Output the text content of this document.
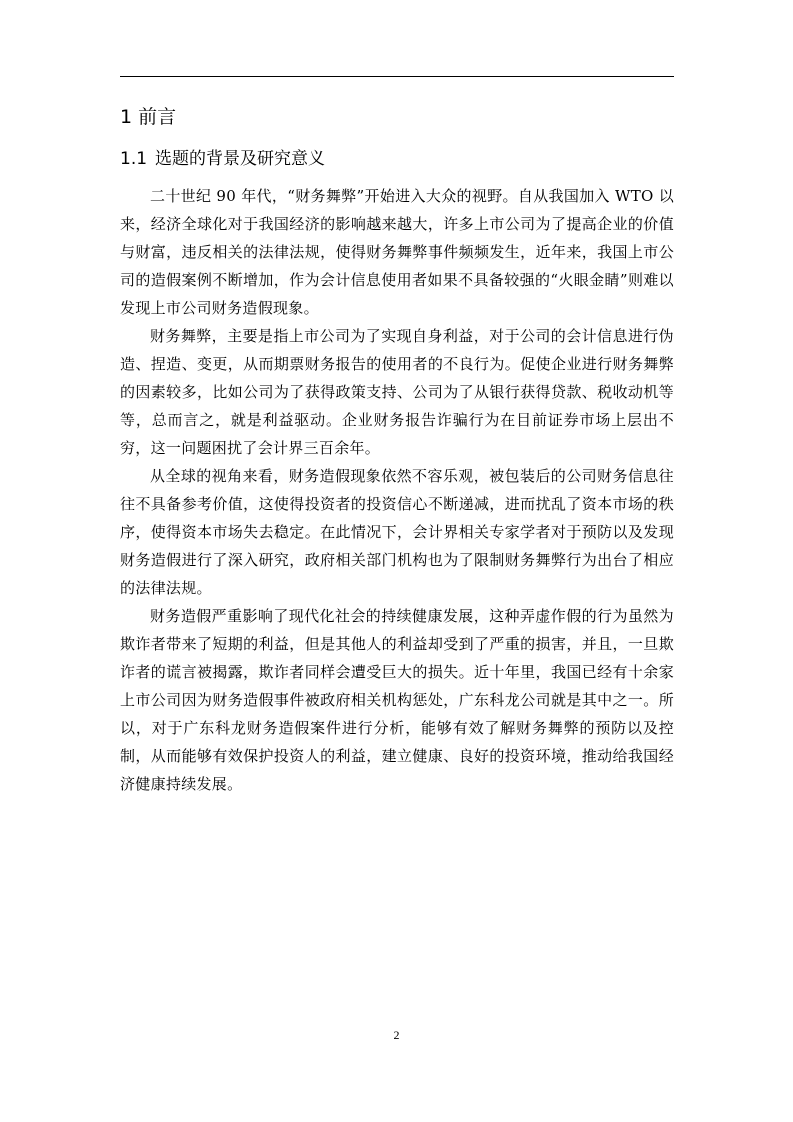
1 前言
1.1 选题的背景及研究意义

二十世纪 90 年代，“财务舞弊”开始进入大众的视野。自从我国加入 WTO 以来，经济全球化对于我国经济的影响越来越大，许多上市公司为了提高企业的价值与财富，违反相关的法律法规，使得财务舞弊事件频频发生，近年来，我国上市公司的造假案例不断增加，作为会计信息使用者如果不具备较强的“火眼金睛”则难以发现上市公司财务造假现象。

财务舞弊，主要是指上市公司为了实现自身利益，对于公司的会计信息进行伪造、捏造、变更，从而期票财务报告的使用者的不良行为。促使企业进行财务舞弊的因素较多，比如公司为了获得政策支持、公司为了从银行获得贷款、税收动机等等，总而言之，就是利益驱动。企业财务报告诈骗行为在目前证券市场上层出不穷，这一问题困扰了会计界三百余年。

从全球的视角来看，财务造假现象依然不容乐观，被包装后的公司财务信息往往不具备参考价值，这使得投资者的投资信心不断递减，进而扰乱了资本市场的秩序，使得资本市场失去稳定。在此情况下，会计界相关专家学者对于预防以及发现财务造假进行了深入研究，政府相关部门机构也为了限制财务舞弊行为出台了相应的法律法规。

财务造假严重影响了现代化社会的持续健康发展，这种弄虚作假的行为虽然为欺诈者带来了短期的利益，但是其他人的利益却受到了严重的损害，并且，一旦欺诈者的谎言被揭露，欺诈者同样会遭受巨大的损失。近十年里，我国已经有十余家上市公司因为财务造假事件被政府相关机构惩处，广东科龙公司就是其中之一。所以，对于广东科龙财务造假案件进行分析，能够有效了解财务舞弊的预防以及控制，从而能够有效保护投资人的利益，建立健康、良好的投资环境，推动给我国经济健康持续发展。

2
